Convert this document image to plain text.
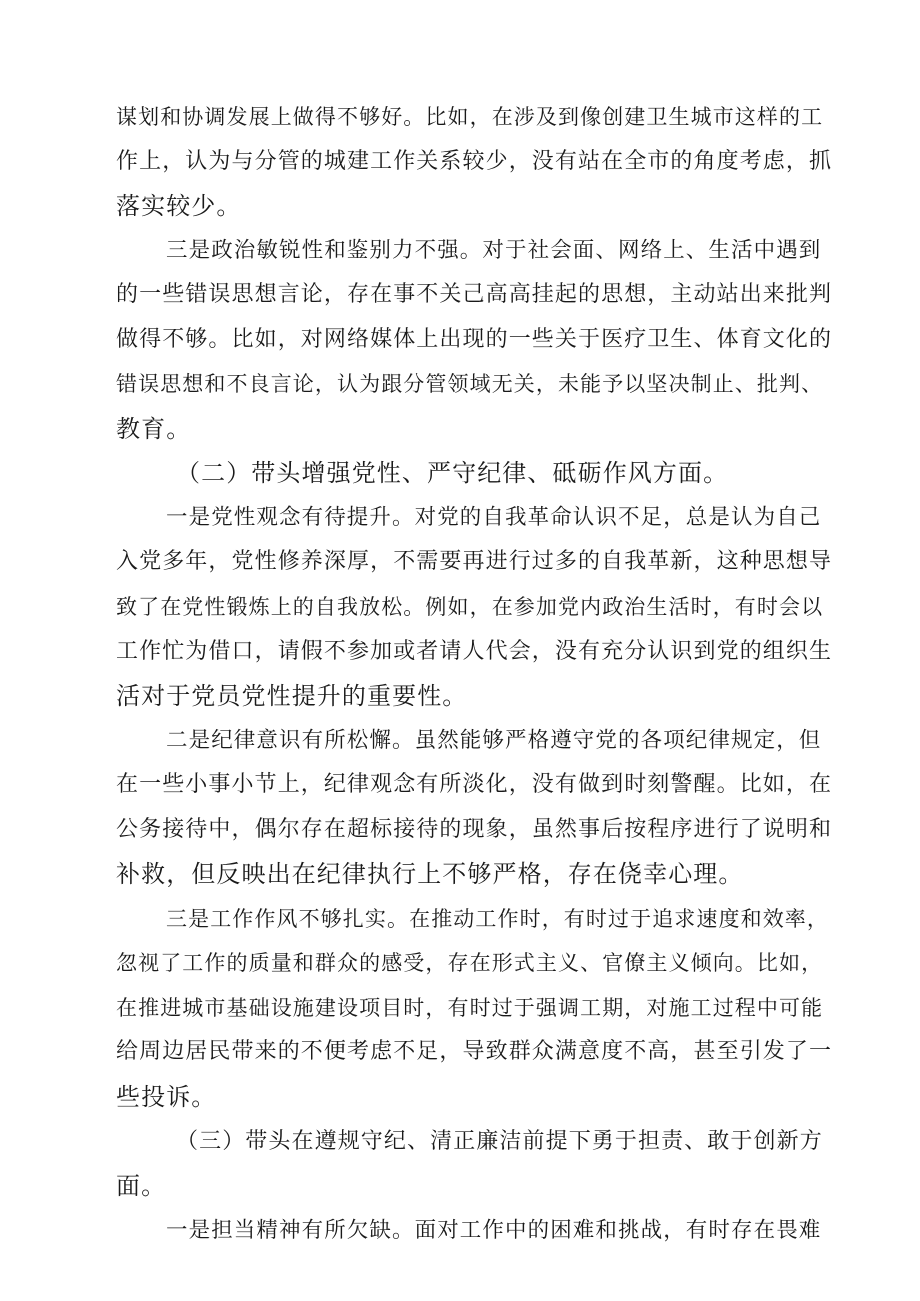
谋划和协调发展上做得不够好。比如，在涉及到像创建卫生城市这样的工
作上，认为与分管的城建工作关系较少，没有站在全市的角度考虑，抓
落实较少。
三是政治敏锐性和鉴别力不强。对于社会面、网络上、生活中遇到
的一些错误思想言论，存在事不关己高高挂起的思想，主动站出来批判
做得不够。比如，对网络媒体上出现的一些关于医疗卫生、体育文化的
错误思想和不良言论，认为跟分管领域无关，未能予以坚决制止、批判、
教育。
（二）带头增强党性、严守纪律、砥砺作风方面。
一是党性观念有待提升。对党的自我革命认识不足，总是认为自己
入党多年，党性修养深厚，不需要再进行过多的自我革新，这种思想导
致了在党性锻炼上的自我放松。例如，在参加党内政治生活时，有时会以
工作忙为借口，请假不参加或者请人代会，没有充分认识到党的组织生
活对于党员党性提升的重要性。
二是纪律意识有所松懈。虽然能够严格遵守党的各项纪律规定，但
在一些小事小节上，纪律观念有所淡化，没有做到时刻警醒。比如，在
公务接待中，偶尔存在超标接待的现象，虽然事后按程序进行了说明和
补救，但反映出在纪律执行上不够严格，存在侥幸心理。
三是工作作风不够扎实。在推动工作时，有时过于追求速度和效率，
忽视了工作的质量和群众的感受，存在形式主义、官僚主义倾向。比如，
在推进城市基础设施建设项目时，有时过于强调工期，对施工过程中可能
给周边居民带来的不便考虑不足，导致群众满意度不高，甚至引发了一
些投诉。
（三）带头在遵规守纪、清正廉洁前提下勇于担责、敢于创新方
面。
一是担当精神有所欠缺。面对工作中的困难和挑战，有时存在畏难
